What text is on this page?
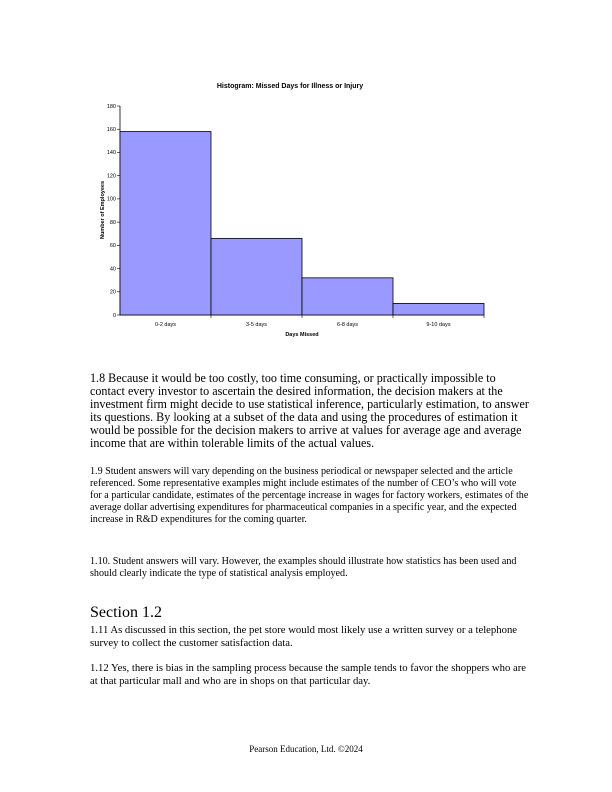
Histogram: Missed Days for Illness or Injury
0
20
40
60
80
100
120
140
160
180
0-2 days	3-5 days	6-8 days	9-10 days
Number of Employees
Days Missed

1.8 Because it would be too costly, too time consuming, or practically impossible to contact every investor to ascertain the desired information, the decision makers at the investment firm might decide to use statistical inference, particularly estimation, to answer its questions. By looking at a subset of the data and using the procedures of estimation it would be possible for the decision makers to arrive at values for average age and average income that are within tolerable limits of the actual values.

1.9 Student answers will vary depending on the business periodical or newspaper selected and the article referenced. Some representative examples might include estimates of the number of CEO’s who will vote for a particular candidate, estimates of the percentage increase in wages for factory workers, estimates of the average dollar advertising expenditures for pharmaceutical companies in a specific year, and the expected increase in R&D expenditures for the coming quarter.

1.10. Student answers will vary. However, the examples should illustrate how statistics has been used and should clearly indicate the type of statistical analysis employed.

Section 1.2

1.11 As discussed in this section, the pet store would most likely use a written survey or a telephone survey to collect the customer satisfaction data.

1.12 Yes, there is bias in the sampling process because the sample tends to favor the shoppers who are at that particular mall and who are in shops on that particular day.

Pearson Education, Ltd. ©2024
